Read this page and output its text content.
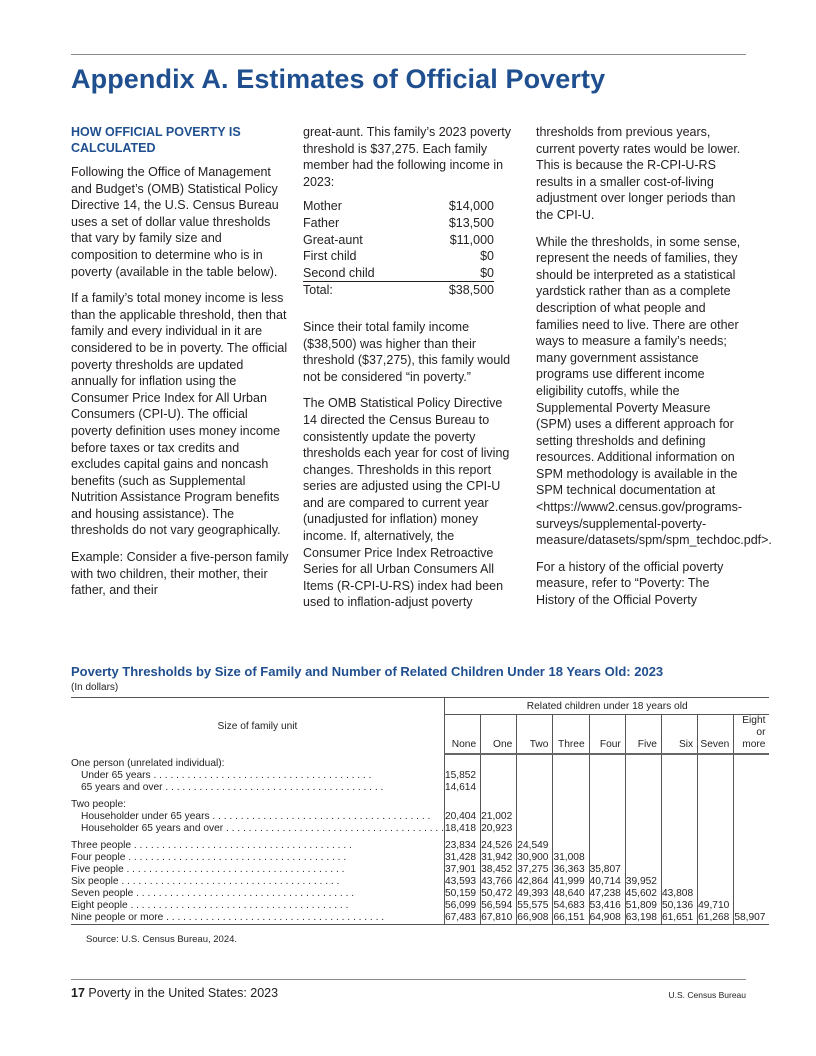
Appendix A. Estimates of Official Poverty
HOW OFFICIAL POVERTY IS CALCULATED

Following the Office of Management and Budget’s (OMB) Statistical Policy Directive 14, the U.S. Census Bureau uses a set of dollar value thresholds that vary by family size and composition to determine who is in poverty (available in the table below).

If a family’s total money income is less than the applicable threshold, then that family and every individual in it are considered to be in poverty. The official poverty thresholds are updated annually for inflation using the Consumer Price Index for All Urban Consumers (CPI-U). The official poverty definition uses money income before taxes or tax credits and excludes capital gains and noncash benefits (such as Supplemental Nutrition Assistance Program benefits and housing assistance). The thresholds do not vary geographically.

Example: Consider a five-person family with two children, their mother, their father, and their

great-aunt. This family’s 2023 poverty threshold is $37,275. Each family member had the following income in 2023:

Mother	$14,000
Father	$13,500
Great-aunt	$11,000
First child	$0
Second child	$0
Total:	$38,500

Since their total family income ($38,500) was higher than their threshold ($37,275), this family would not be considered “in poverty.”

The OMB Statistical Policy Directive 14 directed the Census Bureau to consistently update the poverty thresholds each year for cost of living changes. Thresholds in this report series are adjusted using the CPI-U and are compared to current year (unadjusted for inflation) money income. If, alternatively, the Consumer Price Index Retroactive Series for all Urban Consumers All Items (R-CPI-U-RS) index had been used to inflation-adjust poverty

thresholds from previous years, current poverty rates would be lower. This is because the R-CPI-U-RS results in a smaller cost-of-living adjustment over longer periods than the CPI-U.

While the thresholds, in some sense, represent the needs of families, they should be interpreted as a statistical yardstick rather than as a complete description of what people and families need to live. There are other ways to measure a family’s needs; many government assistance programs use different income eligibility cutoffs, while the Supplemental Poverty Measure (SPM) uses a different approach for setting thresholds and defining resources. Additional information on SPM methodology is available in the SPM technical documentation at <https://www2.census.gov/programs-surveys/supplemental-poverty-measure/datasets/spm/spm_techdoc.pdf>.

For a history of the official poverty measure, refer to “Poverty: The History of the Official Poverty

Poverty Thresholds by Size of Family and Number of Related Children Under 18 Years Old: 2023
(In dollars)
Size of family unit	Related children under 18 years old								
	None	One	Two	Three	Four	Five	Six	Seven	Eight or more
One person (unrelated individual):									
Under 65 years . . . . . . . . . . . . . . . . . . . . . . . . . . . . . . . . . . . . . . .	15,852								
65 years and over . . . . . . . . . . . . . . . . . . . . . . . . . . . . . . . . . . . . . . .	14,614								

Two people:									
Householder under 65 years . . . . . . . . . . . . . . . . . . . . . . . . . . . . . . . . . . . . . . .	20,404	21,002							
Householder 65 years and over . . . . . . . . . . . . . . . . . . . . . . . . . . . . . . . . . . . . . . .	18,418	20,923							

Three people . . . . . . . . . . . . . . . . . . . . . . . . . . . . . . . . . . . . . . .	23,834	24,526	24,549						
Four people . . . . . . . . . . . . . . . . . . . . . . . . . . . . . . . . . . . . . . .	31,428	31,942	30,900	31,008					
Five people . . . . . . . . . . . . . . . . . . . . . . . . . . . . . . . . . . . . . . .	37,901	38,452	37,275	36,363	35,807				
Six people . . . . . . . . . . . . . . . . . . . . . . . . . . . . . . . . . . . . . . .	43,593	43,766	42,864	41,999	40,714	39,952			
Seven people . . . . . . . . . . . . . . . . . . . . . . . . . . . . . . . . . . . . . . .	50,159	50,472	49,393	48,640	47,238	45,602	43,808		
Eight people . . . . . . . . . . . . . . . . . . . . . . . . . . . . . . . . . . . . . . .	56,099	56,594	55,575	54,683	53,416	51,809	50,136	49,710	
Nine people or more . . . . . . . . . . . . . . . . . . . . . . . . . . . . . . . . . . . . . . .	67,483	67,810	66,908	66,151	64,908	63,198	61,651	61,268	58,907
Source: U.S. Census Bureau, 2024.
17 Poverty in the United States: 2023	U.S. Census Bureau
